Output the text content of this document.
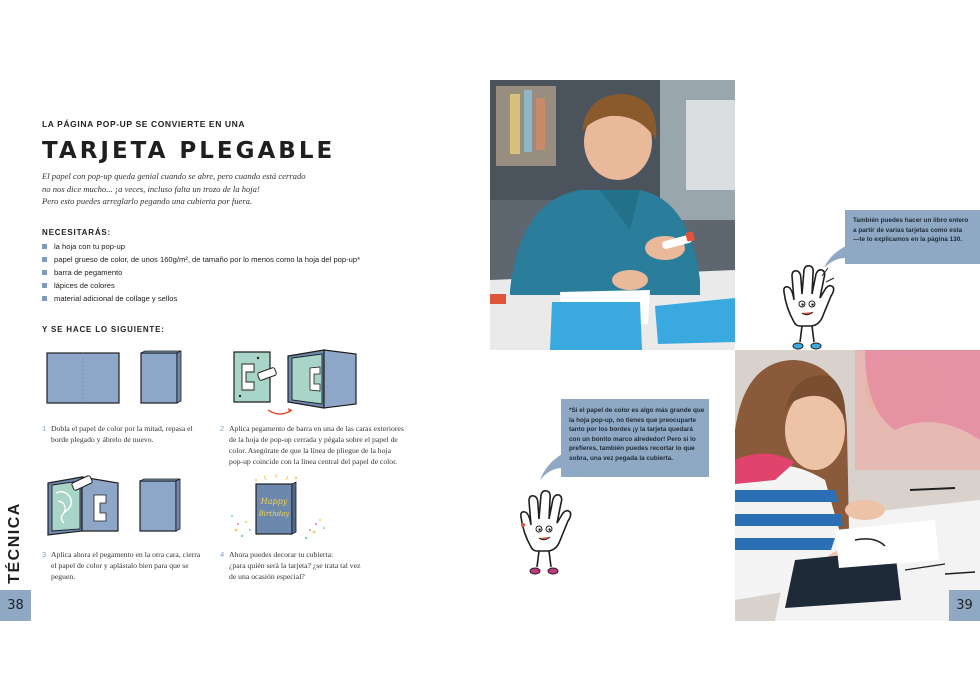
LA PÁGINA POP-UP SE CONVIERTE EN UNA
TARJETA PLEGABLE
El papel con pop-up queda genial cuando se abre, pero cuando está cerrado
no nos dice mucho... ¡a veces, incluso falta un trozo de la hoja!
Pero esto puedes arreglarlo pegando una cubierta por fuera.
NECESITARÁS:
la hoja con tu pop-up
papel grueso de color, de unos 160g/m², de tamaño por lo menos como la hoja del pop-up*
barra de pegamento
lápices de colores
material adicional de collage y sellos
Y SE HACE LO SIGUIENTE:
1 Dobla el papel de color por la mitad, repasa el
borde plegado y ábrelo de nuevo.
2 Aplica pegamento de barra en una de las caras exteriores
de la hoja de pop-up cerrada y pégala sobre el papel de
color. Asegúrate de que la línea de pliegue de la hoja
pop-up coincide con la línea central del papel de color.
Happy
Birthday
3 Aplica ahora el pegamento en la otra cara, cierra
el papel de color y aplástalo bien para que se
peguen.
4 Ahora puedes decorar tu cubierta:
¿para quién será la tarjeta? ¿se trata tal vez
de una ocasión especial?
TÉCNICA
38
También puedes hacer un libro entero
a partir de varias tarjetas como esta
—te lo explicamos en la página 130.
*Si el papel de color es algo más grande que
la hoja pop-up, no tienes que preocuparte
tanto por los bordes ¡y la tarjeta quedará
con un bonito marco alrededor! Pero si lo
prefieres, también puedes recortar lo que
sobra, una vez pegada la cubierta.
39
